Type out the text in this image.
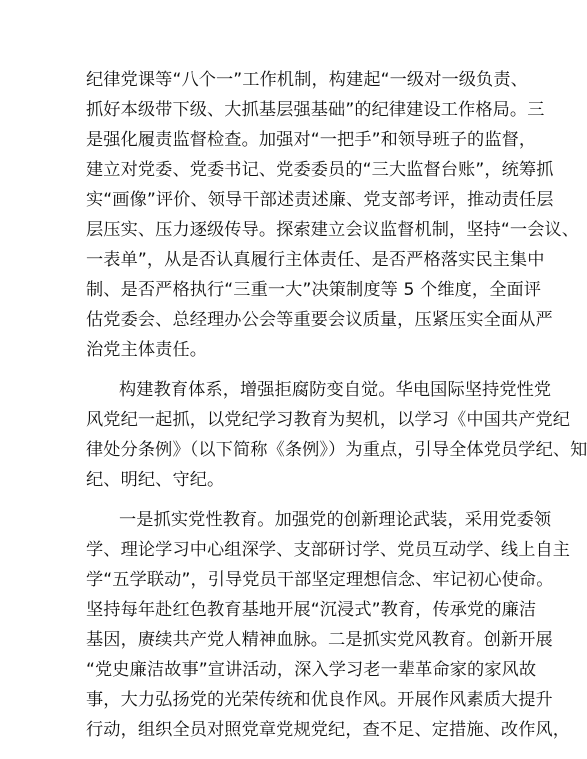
纪律党课等“八个一”工作机制，构建起“一级对一级负责、
抓好本级带下级、大抓基层强基础”的纪律建设工作格局。三
是强化履责监督检查。加强对“一把手”和领导班子的监督，
建立对党委、党委书记、党委委员的“三大监督台账”，统筹抓
实“画像”评价、领导干部述责述廉、党支部考评，推动责任层
层压实、压力逐级传导。探索建立会议监督机制，坚持“一会议、
一表单”，从是否认真履行主体责任、是否严格落实民主集中
制、是否严格执行“三重一大”决策制度等 5 个维度，全面评
估党委会、总经理办公会等重要会议质量，压紧压实全面从严
治党主体责任。
构建教育体系，增强拒腐防变自觉。华电国际坚持党性党
风党纪一起抓，以党纪学习教育为契机，以学习《中国共产党纪
律处分条例》（以下简称《条例》）为重点，引导全体党员学纪、知
纪、明纪、守纪。
一是抓实党性教育。加强党的创新理论武装，采用党委领
学、理论学习中心组深学、支部研讨学、党员互动学、线上自主
学“五学联动”，引导党员干部坚定理想信念、牢记初心使命。
坚持每年赴红色教育基地开展“沉浸式”教育，传承党的廉洁
基因，赓续共产党人精神血脉。二是抓实党风教育。创新开展
“党史廉洁故事”宣讲活动，深入学习老一辈革命家的家风故
事，大力弘扬党的光荣传统和优良作风。开展作风素质大提升
行动，组织全员对照党章党规党纪，查不足、定措施、改作风，
